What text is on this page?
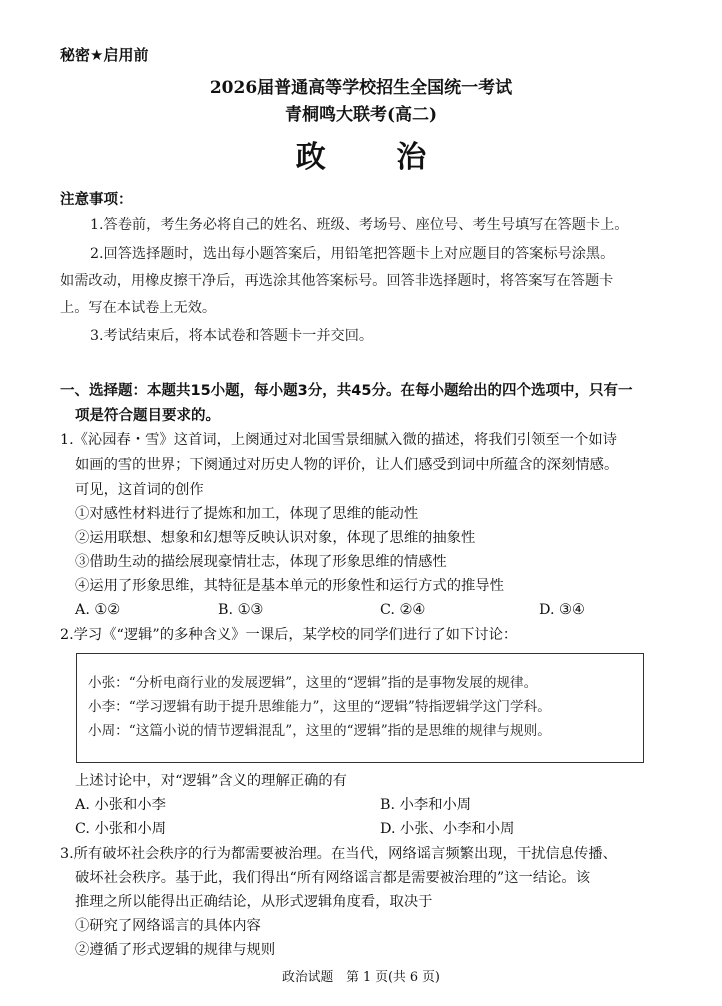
秘密★启用前
2026届普通高等学校招生全国统一考试
青桐鸣大联考(高二)
政 治
注意事项：
1.答卷前，考生务必将自己的姓名、班级、考场号、座位号、考生号填写在答题卡上。
2.回答选择题时，选出每小题答案后，用铅笔把答题卡上对应题目的答案标号涂黑。
如需改动，用橡皮擦干净后，再选涂其他答案标号。回答非选择题时，将答案写在答题卡
上。写在本试卷上无效。
3.考试结束后，将本试卷和答题卡一并交回。
一、选择题：本题共15小题，每小题3分，共45分。在每小题给出的四个选项中，只有一
项是符合题目要求的。
1.《沁园春・雪》这首词，上阕通过对北国雪景细腻入微的描述，将我们引领至一个如诗
如画的雪的世界；下阕通过对历史人物的评价，让人们感受到词中所蕴含的深刻情感。
可见，这首词的创作
①对感性材料进行了提炼和加工，体现了思维的能动性
②运用联想、想象和幻想等反映认识对象，体现了思维的抽象性
③借助生动的描绘展现豪情壮志，体现了形象思维的情感性
④运用了形象思维，其特征是基本单元的形象性和运行方式的推导性
A. ①②	B. ①③	C. ②④	D. ③④
2.学习《“逻辑”的多种含义》一课后，某学校的同学们进行了如下讨论：
小张：“分析电商行业的发展逻辑”，这里的“逻辑”指的是事物发展的规律。
小李：“学习逻辑有助于提升思维能力”，这里的“逻辑”特指逻辑学这门学科。
小周：“这篇小说的情节逻辑混乱”，这里的“逻辑”指的是思维的规律与规则。
上述讨论中，对“逻辑”含义的理解正确的有
A. 小张和小李	B. 小李和小周
C. 小张和小周	D. 小张、小李和小周
3.所有破坏社会秩序的行为都需要被治理。在当代，网络谣言频繁出现，干扰信息传播、
破坏社会秩序。基于此，我们得出“所有网络谣言都是需要被治理的”这一结论。该
推理之所以能得出正确结论，从形式逻辑角度看，取决于
①研究了网络谣言的具体内容
②遵循了形式逻辑的规律与规则
政治试题　第 1 页(共 6 页)
